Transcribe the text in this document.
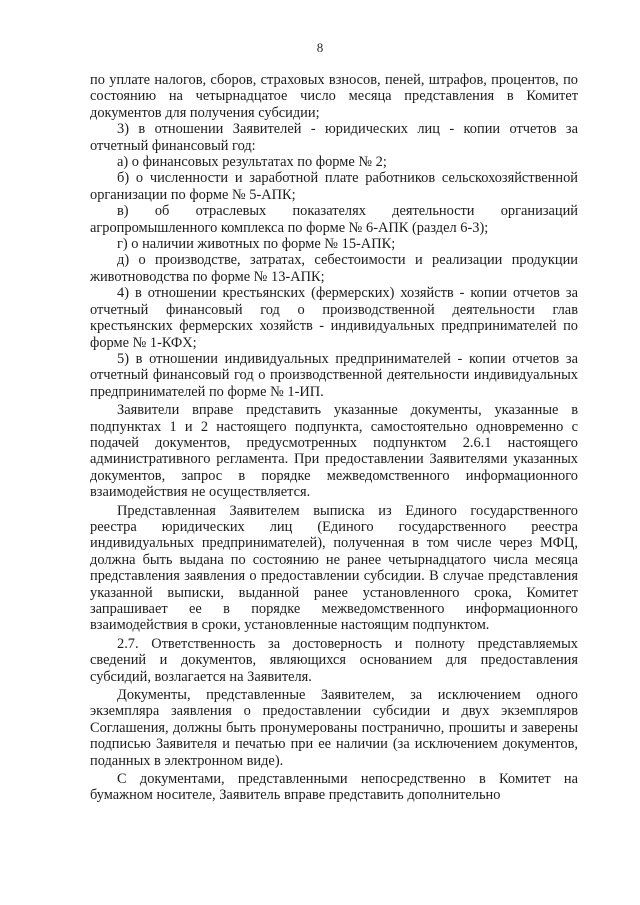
8

по уплате налогов, сборов, страховых взносов, пеней, штрафов, процентов, по состоянию на четырнадцатое число месяца представления в Комитет документов для получения субсидии;

3) в отношении Заявителей - юридических лиц - копии отчетов за отчетный финансовый год:

а) о финансовых результатах по форме № 2;

б) о численности и заработной плате работников сельскохозяйственной организации по форме № 5-АПК;

в) об отраслевых показателях деятельности организаций агропромышленного комплекса по форме № 6-АПК (раздел 6-3);

г) о наличии животных по форме № 15-АПК;

д) о производстве, затратах, себестоимости и реализации продукции животноводства по форме № 13-АПК;

4) в отношении крестьянских (фермерских) хозяйств - копии отчетов за отчетный финансовый год о производственной деятельности глав крестьянских фермерских хозяйств - индивидуальных предпринимателей по форме № 1-КФХ;

5) в отношении индивидуальных предпринимателей - копии отчетов за отчетный финансовый год о производственной деятельности индивидуальных предпринимателей по форме № 1-ИП.

Заявители вправе представить указанные документы, указанные в подпунктах 1 и 2 настоящего подпункта, самостоятельно одновременно с подачей документов, предусмотренных подпунктом 2.6.1 настоящего административного регламента. При предоставлении Заявителями указанных документов, запрос в порядке межведомственного информационного взаимодействия не осуществляется.

Представленная Заявителем выписка из Единого государственного реестра юридических лиц (Единого государственного реестра индивидуальных предпринимателей), полученная в том числе через МФЦ, должна быть выдана по состоянию не ранее четырнадцатого числа месяца представления заявления о предоставлении субсидии. В случае представления указанной выписки, выданной ранее установленного срока, Комитет запрашивает ее в порядке межведомственного информационного взаимодействия в сроки, установленные настоящим подпунктом.

2.7. Ответственность за достоверность и полноту представляемых сведений и документов, являющихся основанием для предоставления субсидий, возлагается на Заявителя.

Документы, представленные Заявителем, за исключением одного экземпляра заявления о предоставлении субсидии и двух экземпляров Соглашения, должны быть пронумерованы постранично, прошиты и заверены подписью Заявителя и печатью при ее наличии (за исключением документов, поданных в электронном виде).

С документами, представленными непосредственно в Комитет на бумажном носителе, Заявитель вправе представить дополнительно
